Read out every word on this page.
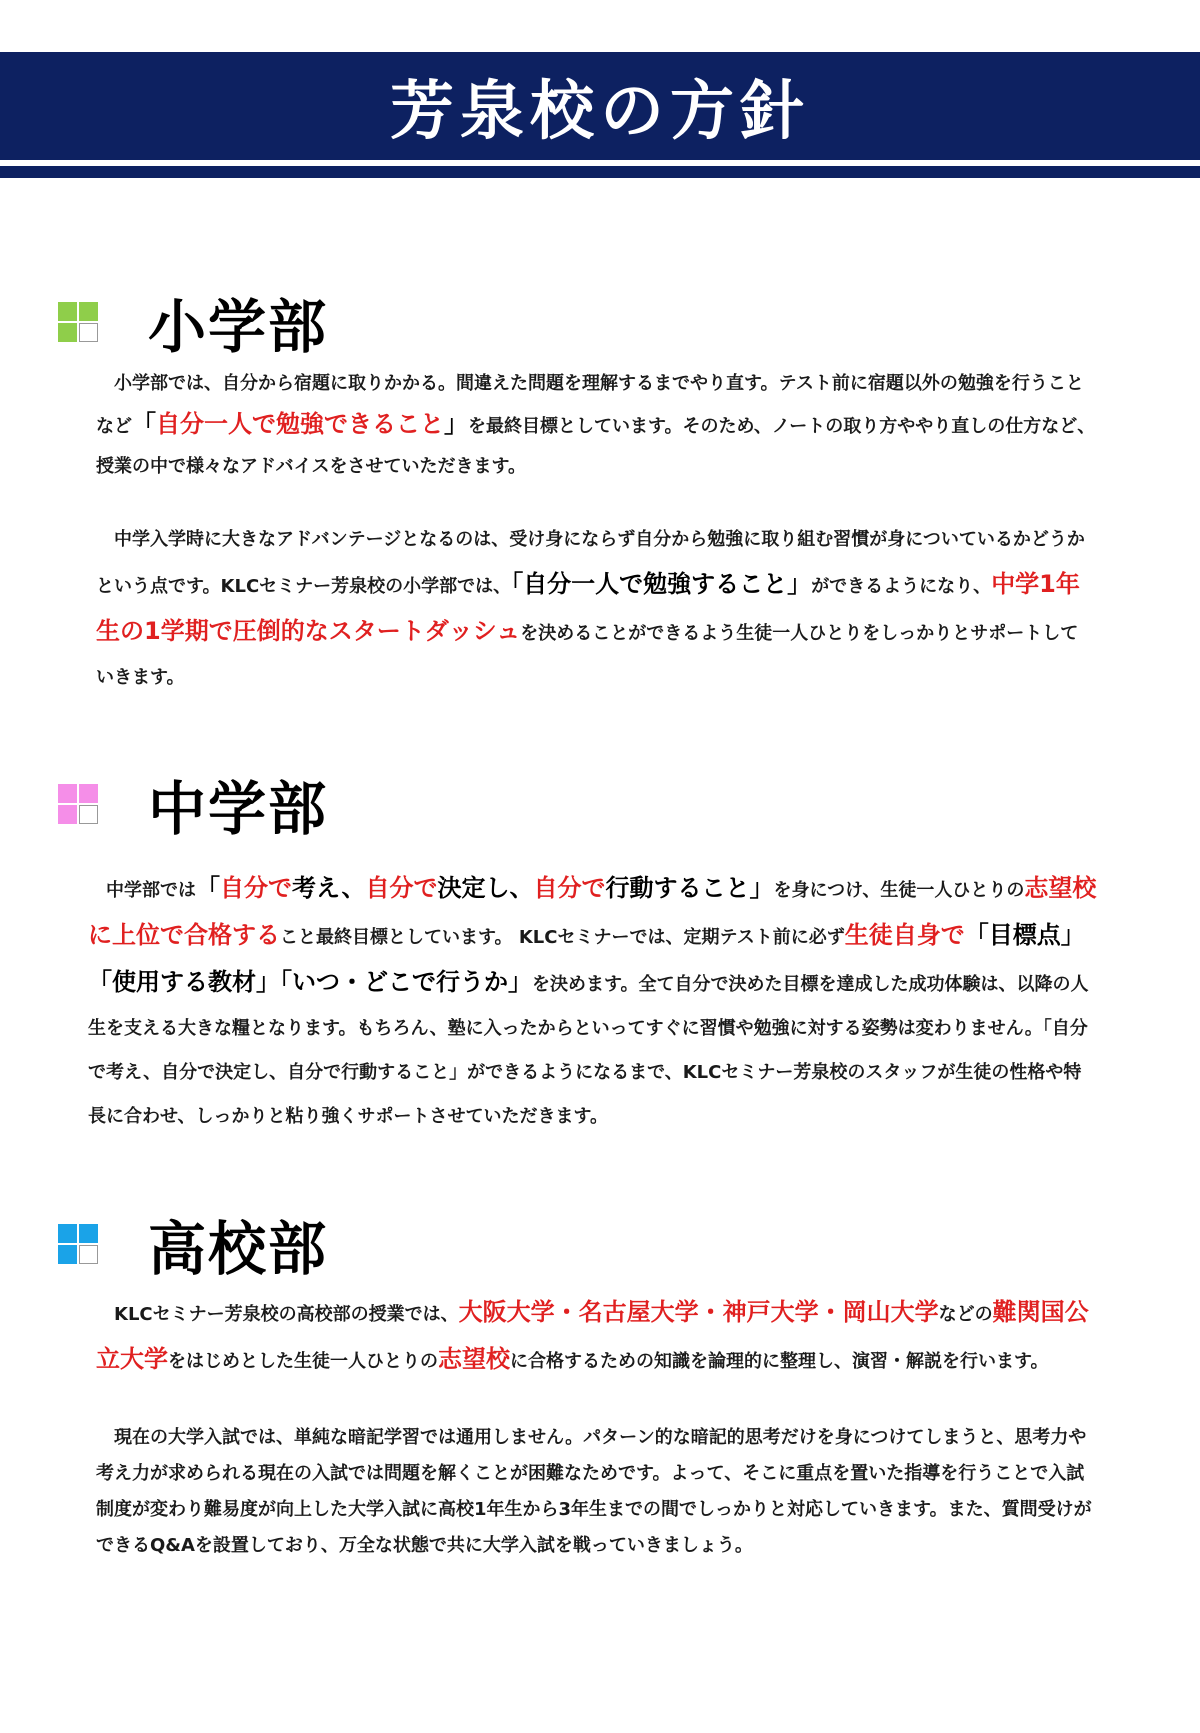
芳泉校の方針
小学部
小学部では、自分から宿題に取りかかる。間違えた問題を理解するまでやり直す。テスト前に宿題以外の勉強を行うことなど「自分一人で勉強できること」を最終目標としています。そのため、ノートの取り方ややり直しの仕方など、授業の中で様々なアドバイスをさせていただきます。
中学入学時に大きなアドバンテージとなるのは、受け身にならず自分から勉強に取り組む習慣が身についているかどうかという点です。KLCセミナー芳泉校の小学部では、「自分一人で勉強すること」ができるようになり、中学1年生の1学期で圧倒的なスタートダッシュを決めることができるよう生徒一人ひとりをしっかりとサポートしていきます。
中学部
中学部では「自分で考え、自分で決定し、自分で行動すること」を身につけ、生徒一人ひとりの志望校に上位で合格すること最終目標としています。 KLCセミナーでは、定期テスト前に必ず生徒自身で「目標点」「使用する教材」「いつ・どこで行うか」を決めます。全て自分で決めた目標を達成した成功体験は、以降の人生を支える大きな糧となります。もちろん、塾に入ったからといってすぐに習慣や勉強に対する姿勢は変わりません。「自分で考え、自分で決定し、自分で行動すること」ができるようになるまで、KLCセミナー芳泉校のスタッフが生徒の性格や特長に合わせ、しっかりと粘り強くサポートさせていただきます。
高校部
KLCセミナー芳泉校の高校部の授業では、大阪大学・名古屋大学・神戸大学・岡山大学などの難関国公立大学をはじめとした生徒一人ひとりの志望校に合格するための知識を論理的に整理し、演習・解説を行います。
現在の大学入試では、単純な暗記学習では通用しません。パターン的な暗記的思考だけを身につけてしまうと、思考力や考え力が求められる現在の入試では問題を解くことが困難なためです。よって、そこに重点を置いた指導を行うことで入試制度が変わり難易度が向上した大学入試に高校1年生から3年生までの間でしっかりと対応していきます。また、質問受けができるQ&Aを設置しており、万全な状態で共に大学入試を戦っていきましょう。
